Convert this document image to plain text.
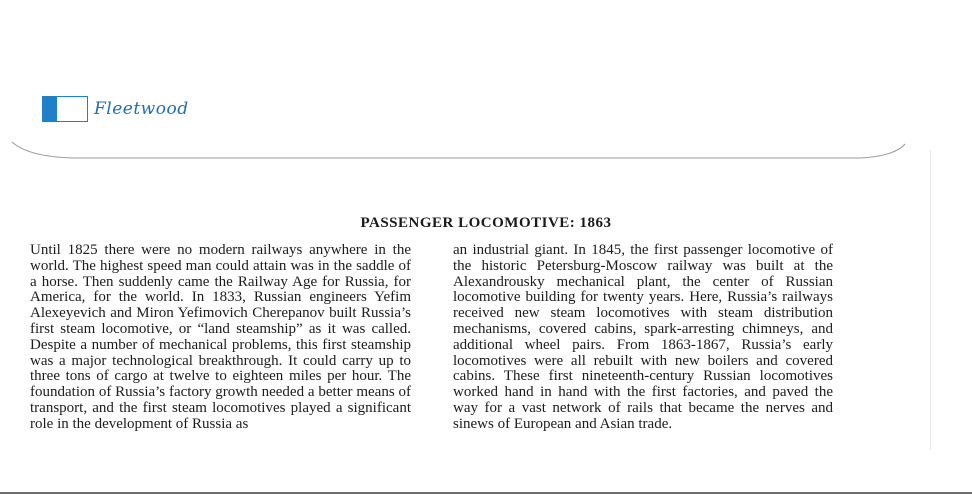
Fleetwood
PASSENGER LOCOMOTIVE: 1863
Until 1825 there were no modern railways anywhere in the world. The highest speed man could attain was in the saddle of a horse. Then suddenly came the Railway Age for Russia, for America, for the world. In 1833, Russian engineers Yefim Alexeyevich and Miron Yefimovich Cherepanov built Russia’s first steam locomotive, or “land steamship” as it was called. Despite a number of mechanical problems, this first steamship was a major technological breakthrough. It could carry up to three tons of cargo at twelve to eighteen miles per hour. The foundation of Russia’s factory growth needed a better means of transport, and the first steam locomotives played a significant role in the development of Russia as
an industrial giant. In 1845, the first passenger locomotive of the historic Petersburg-Moscow railway was built at the Alexandrousky mechanical plant, the center of Russian locomotive building for twenty years. Here, Russia’s railways received new steam locomotives with steam distribution mechanisms, covered cabins, spark-arresting chimneys, and additional wheel pairs. From 1863-1867, Russia’s early locomotives were all rebuilt with new boilers and covered cabins. These first nineteenth-century Russian locomotives worked hand in hand with the first factories, and paved the way for a vast network of rails that became the nerves and sinews of European and Asian trade.
